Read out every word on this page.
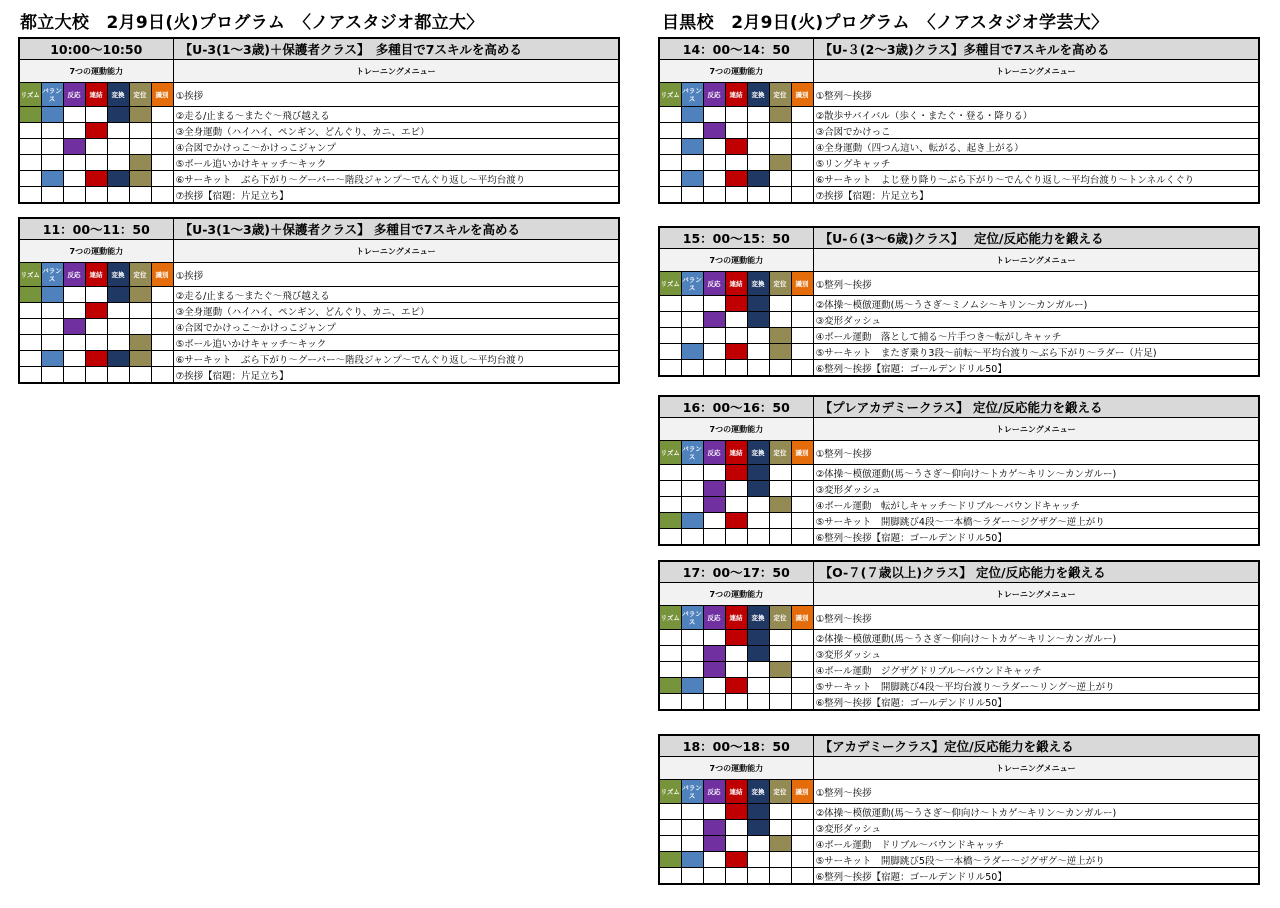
都立大校　2月9日(火)プログラム　〈ノアスタジオ都立大〉
10:00〜10:50							【U-3(1〜3歳)＋保護者クラス】　多種目で7スキルを高める
7つの運動能力							トレーニングメニュー
リズム	バランス	反応	連結	変換	定位	識別	①挨拶
							②走る/止まる〜またぐ〜飛び越える
							③全身運動（ハイハイ、ペンギン、どんぐり、カニ、エビ）
							④合図でかけっこ〜かけっこジャンプ
							⑤ボール追いかけキャッチ〜キック
							⑥サーキット　ぶら下がり〜グーパー〜階段ジャンプ〜でんぐり返し〜平均台渡り
							⑦挨拶【宿題：片足立ち】
11：00〜11：50							【U-3(1〜3歳)＋保護者クラス】 多種目で7スキルを高める
7つの運動能力							トレーニングメニュー
リズム	バランス	反応	連結	変換	定位	識別	①挨拶
							②走る/止まる〜またぐ〜飛び越える
							③全身運動（ハイハイ、ペンギン、どんぐり、カニ、エビ）
							④合図でかけっこ〜かけっこジャンプ
							⑤ボール追いかけキャッチ〜キック
							⑥サーキット　ぶら下がり〜グーパー〜階段ジャンプ〜でんぐり返し〜平均台渡り
							⑦挨拶【宿題：片足立ち】
目黒校　2月9日(火)プログラム　〈ノアスタジオ学芸大〉
14：00〜14：50							【U-３(2〜3歳)クラス】多種目で7スキルを高める
7つの運動能力							トレーニングメニュー
リズム	バランス	反応	連結	変換	定位	識別	①整列〜挨拶
							②散歩サバイバル（歩く・またぐ・登る・降りる）
							③合図でかけっこ
							④全身運動（四つん這い、転がる、起き上がる）
							⑤リングキャッチ
							⑥サーキット　よじ登り降り〜ぶら下がり〜でんぐり返し〜平均台渡り〜トンネルくぐり
							⑦挨拶【宿題：片足立ち】
15：00〜15：50							【U-６(3〜6歳)クラス】　 定位/反応能力を鍛える
7つの運動能力							トレーニングメニュー
リズム	バランス	反応	連結	変換	定位	識別	①整列〜挨拶
							②体操〜模倣運動(馬〜うさぎ〜ミノムシ〜キリン〜カンガルー)
							③変形ダッシュ
							④ボール運動　落として捕る〜片手つき〜転がしキャッチ
							⑤サーキット　またぎ乗り3段〜前転〜平均台渡り〜ぶら下がり〜ラダー（片足)
							⑥整列〜挨拶【宿題：ゴールデンドリル50】
16：00〜16：50							【プレアカデミークラス】 定位/反応能力を鍛える
7つの運動能力							トレーニングメニュー
リズム	バランス	反応	連結	変換	定位	識別	①整列〜挨拶
							②体操〜模倣運動(馬〜うさぎ〜仰向け〜トカゲ〜キリン〜カンガルー)
							③変形ダッシュ
							④ボール運動　転がしキャッチ〜ドリブル〜バウンドキャッチ
							⑤サーキット　開脚跳び4段〜一本橋〜ラダー〜ジグザグ〜逆上がり
							⑥整列〜挨拶【宿題：ゴールデンドリル50】
17：00〜17：50							【O-７(７歳以上)クラス】 定位/反応能力を鍛える
7つの運動能力							トレーニングメニュー
リズム	バランス	反応	連結	変換	定位	識別	①整列〜挨拶
							②体操〜模倣運動(馬〜うさぎ〜仰向け〜トカゲ〜キリン〜カンガルー)
							③変形ダッシュ
							④ボール運動　ジグザグドリブル〜バウンドキャッチ
							⑤サーキット　開脚跳び4段〜平均台渡り〜ラダー〜リング〜逆上がり
							⑥整列〜挨拶【宿題：ゴールデンドリル50】
18：00〜18：50							【アカデミークラス】定位/反応能力を鍛える
7つの運動能力							トレーニングメニュー
リズム	バランス	反応	連結	変換	定位	識別	①整列〜挨拶
							②体操〜模倣運動(馬〜うさぎ〜仰向け〜トカゲ〜キリン〜カンガルー)
							③変形ダッシュ
							④ボール運動　ドリブル〜バウンドキャッチ
							⑤サーキット　開脚跳び5段〜一本橋〜ラダー〜ジグザグ〜逆上がり
							⑥整列〜挨拶【宿題：ゴールデンドリル50】
